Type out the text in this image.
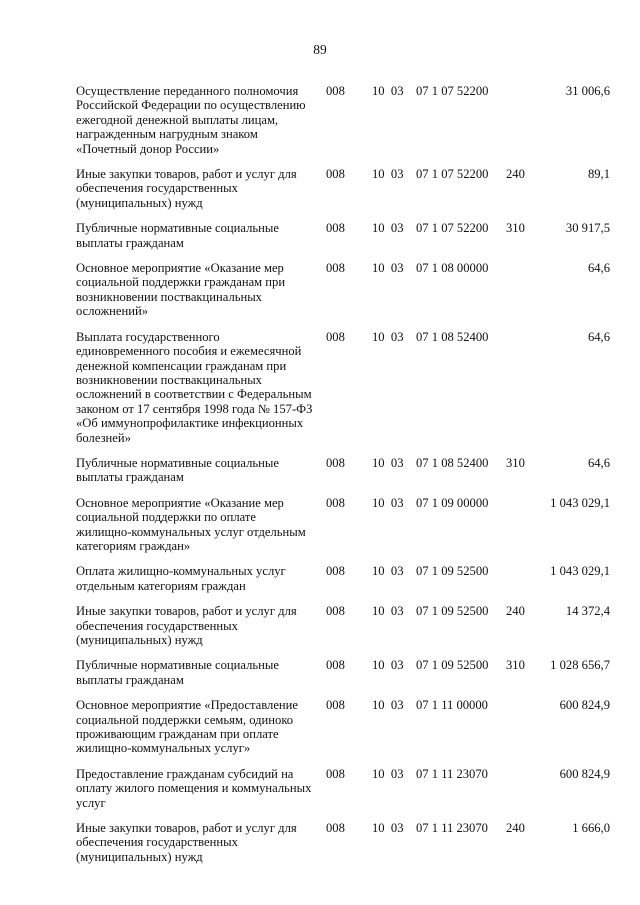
89
Осуществление переданного полномочия Российской Федерации по осуществлению ежегодной денежной выплаты лицам, награжденным нагрудным знаком «Почетный донор России»
008	10  03 07 1 07 52200	31 006,6
Иные закупки товаров, работ и услуг для обеспечения государственных (муниципальных) нужд
008	10  03 07 1 07 52200	240	89,1
Публичные нормативные социальные выплаты гражданам
008	10  03 07 1 07 52200	310	30 917,5
Основное мероприятие «Оказание мер социальной поддержки гражданам при возникновении поствакцинальных осложнений»
008	10  03 07 1 08 00000	64,6
Выплата государственного единовременного пособия и ежемесячной денежной компенсации гражданам при возникновении поствакцинальных осложнений в соответствии с Федеральным законом от 17 сентября 1998 года № 157-ФЗ «Об иммунопрофилактике инфекционных болезней»
008	10  03 07 1 08 52400	64,6
Публичные нормативные социальные выплаты гражданам
008	10  03 07 1 08 52400	310	64,6
Основное мероприятие «Оказание мер социальной поддержки по оплате жилищно-коммунальных услуг отдельным категориям граждан»
008	10  03 07 1 09 00000	1 043 029,1
Оплата жилищно-коммунальных услуг отдельным категориям граждан
008	10  03 07 1 09 52500	1 043 029,1
Иные закупки товаров, работ и услуг для обеспечения государственных (муниципальных) нужд
008	10  03 07 1 09 52500	240	14 372,4
Публичные нормативные социальные выплаты гражданам
008	10  03 07 1 09 52500	310	1 028 656,7
Основное мероприятие «Предоставление социальной поддержки семьям, одиноко проживающим гражданам при оплате жилищно-коммунальных услуг»
008	10  03 07 1 11 00000	600 824,9
Предоставление гражданам субсидий на оплату жилого помещения и коммунальных услуг
008	10  03 07 1 11 23070	600 824,9
Иные закупки товаров, работ и услуг для обеспечения государственных (муниципальных) нужд
008	10  03 07 1 11 23070	240	1 666,0
